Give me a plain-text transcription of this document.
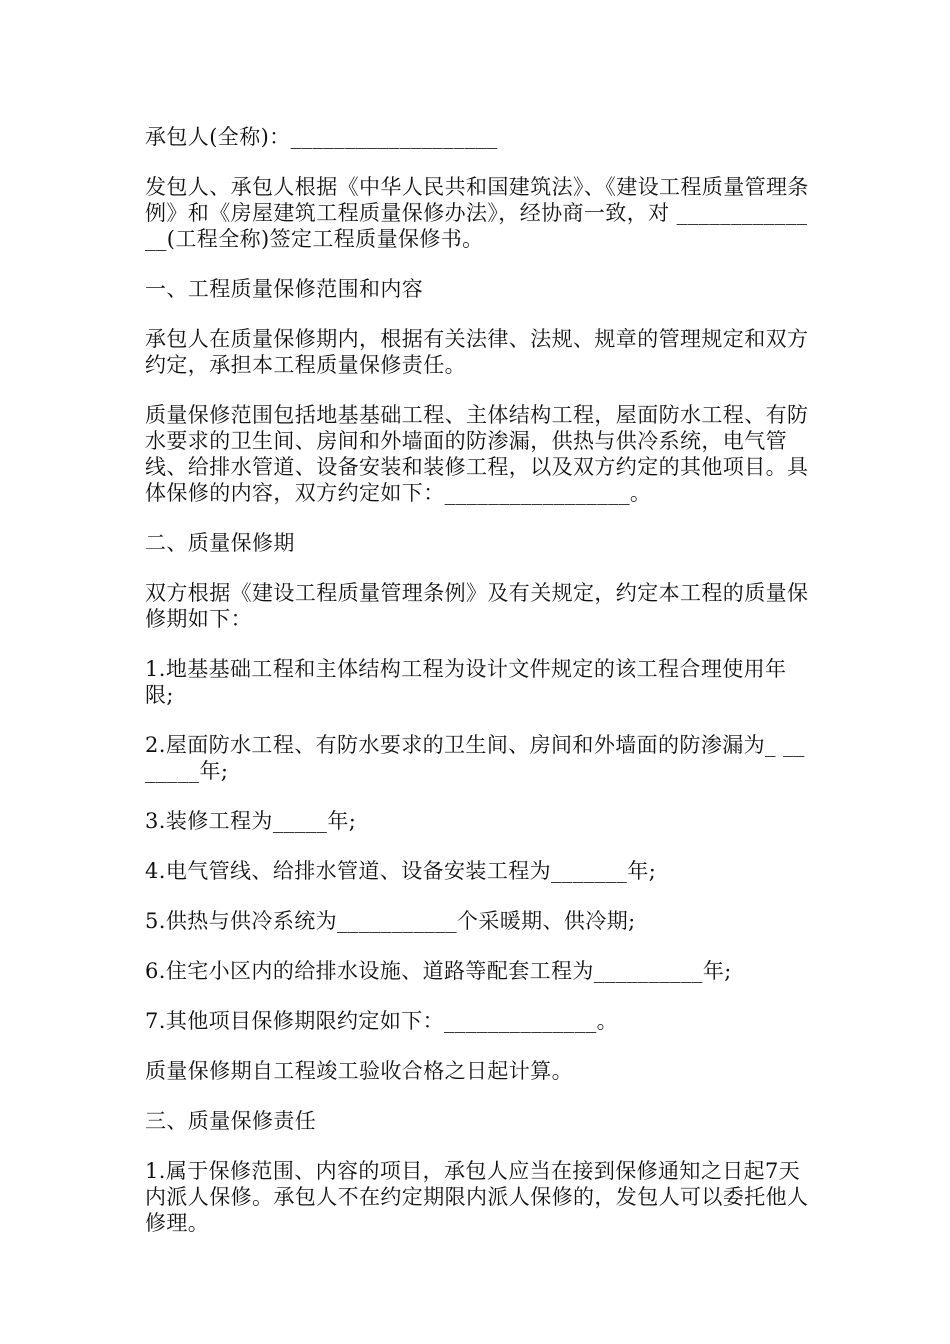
承包人(全称)：___________________

发包人、承包人根据《中华人民共和国建筑法》、《建设工程质量管理条例》和《房屋建筑工程质量保修办法》，经协商一致，对 ______________(工程全称)签定工程质量保修书。

一、工程质量保修范围和内容

承包人在质量保修期内，根据有关法律、法规、规章的管理规定和双方约定，承担本工程质量保修责任。

质量保修范围包括地基基础工程、主体结构工程，屋面防水工程、有防水要求的卫生间、房间和外墙面的防渗漏，供热与供冷系统，电气管线、给排水管道、设备安装和装修工程，以及双方约定的其他项目。具体保修的内容，双方约定如下：_________________。

二、质量保修期

双方根据《建设工程质量管理条例》及有关规定，约定本工程的质量保修期如下：

1.地基基础工程和主体结构工程为设计文件规定的该工程合理使用年限;

2.屋面防水工程、有防水要求的卫生间、房间和外墙面的防渗漏为_ _______年;

3.装修工程为_____年;

4.电气管线、给排水管道、设备安装工程为_______年;

5.供热与供冷系统为___________个采暖期、供冷期;

6.住宅小区内的给排水设施、道路等配套工程为__________年;

7.其他项目保修期限约定如下：______________。

质量保修期自工程竣工验收合格之日起计算。

三、质量保修责任

1.属于保修范围、内容的项目，承包人应当在接到保修通知之日起7天内派人保修。承包人不在约定期限内派人保修的，发包人可以委托他人修理。
